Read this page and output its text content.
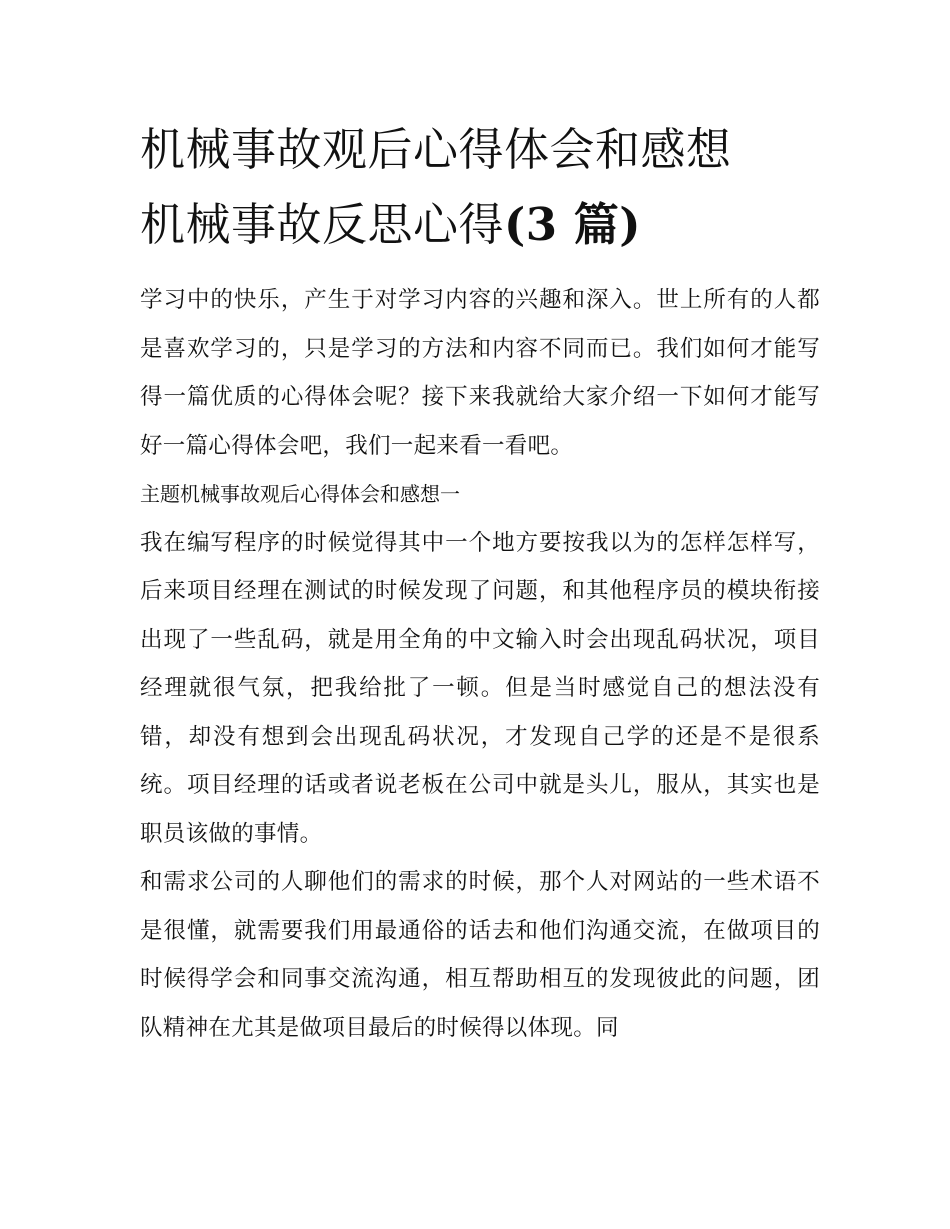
机械事故观后心得体会和感想
机械事故反思心得(3 篇)

学习中的快乐，产生于对学习内容的兴趣和深入。世上所有的人都是喜欢学习的，只是学习的方法和内容不同而已。我们如何才能写得一篇优质的心得体会呢？接下来我就给大家介绍一下如何才能写好一篇心得体会吧，我们一起来看一看吧。

主题机械事故观后心得体会和感想一

我在编写程序的时候觉得其中一个地方要按我以为的怎样怎样写，后来项目经理在测试的时候发现了问题，和其他程序员的模块衔接出现了一些乱码，就是用全角的中文输入时会出现乱码状况，项目经理就很气氛，把我给批了一顿。但是当时感觉自己的想法没有错，却没有想到会出现乱码状况，才发现自己学的还是不是很系统。项目经理的话或者说老板在公司中就是头儿，服从，其实也是职员该做的事情。

和需求公司的人聊他们的需求的时候，那个人对网站的一些术语不是很懂，就需要我们用最通俗的话去和他们沟通交流，在做项目的时候得学会和同事交流沟通，相互帮助相互的发现彼此的问题，团队精神在尤其是做项目最后的时候得以体现。同
